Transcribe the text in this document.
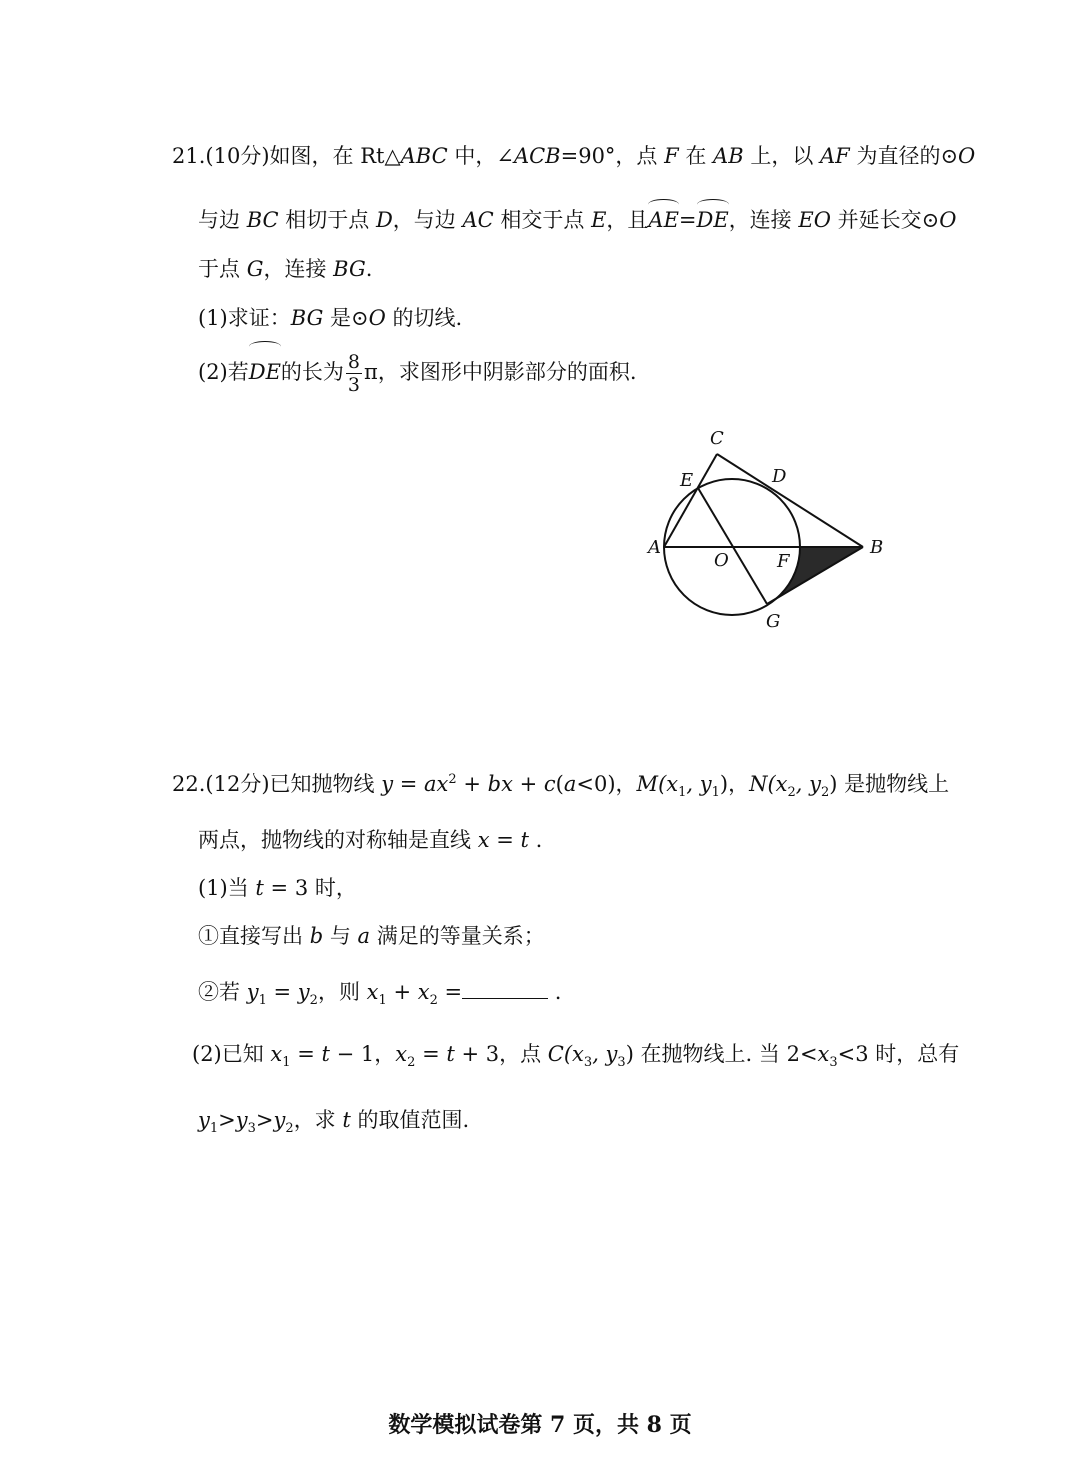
21.(10分)如图，在 Rt△ABC 中，∠ACB=90°，点 F 在 AB 上，以 AF 为直径的⊙O
与边 BC 相切于点 D，与边 AC 相交于点 E，且AE=DE，连接 EO 并延长交⊙O
于点 G，连接 BG.
(1)求证：BG 是⊙O 的切线.
(2)若DE的长为 $\frac{8}{3}$ π，求图形中阴影部分的面积.
C
E	D
A
O	F
B
G
22.(12分)已知抛物线 $y = ax^2$ + bx + c(a<0)，$M(x_1$, $y_1$)，$N(x_2$, $y_2$) 是抛物线上
两点，抛物线的对称轴是直线 x = t .
(1)当 t = 3 时，
①直接写出 b 与 a 满足的等量关系；
②若 $y_1 = y_2$，则 $x_1 + x_2$ =	.
(2)已知 $x_1 = t - 1$，$x_2 = t + 3$，点 $C(x_3$, $y_3$) 在抛物线上. 当 $2<x_3<3$ 时，总有
$y_1>y_3>y_2$，求 t 的取值范围.
数学模拟试卷第 7 页，共 8 页
